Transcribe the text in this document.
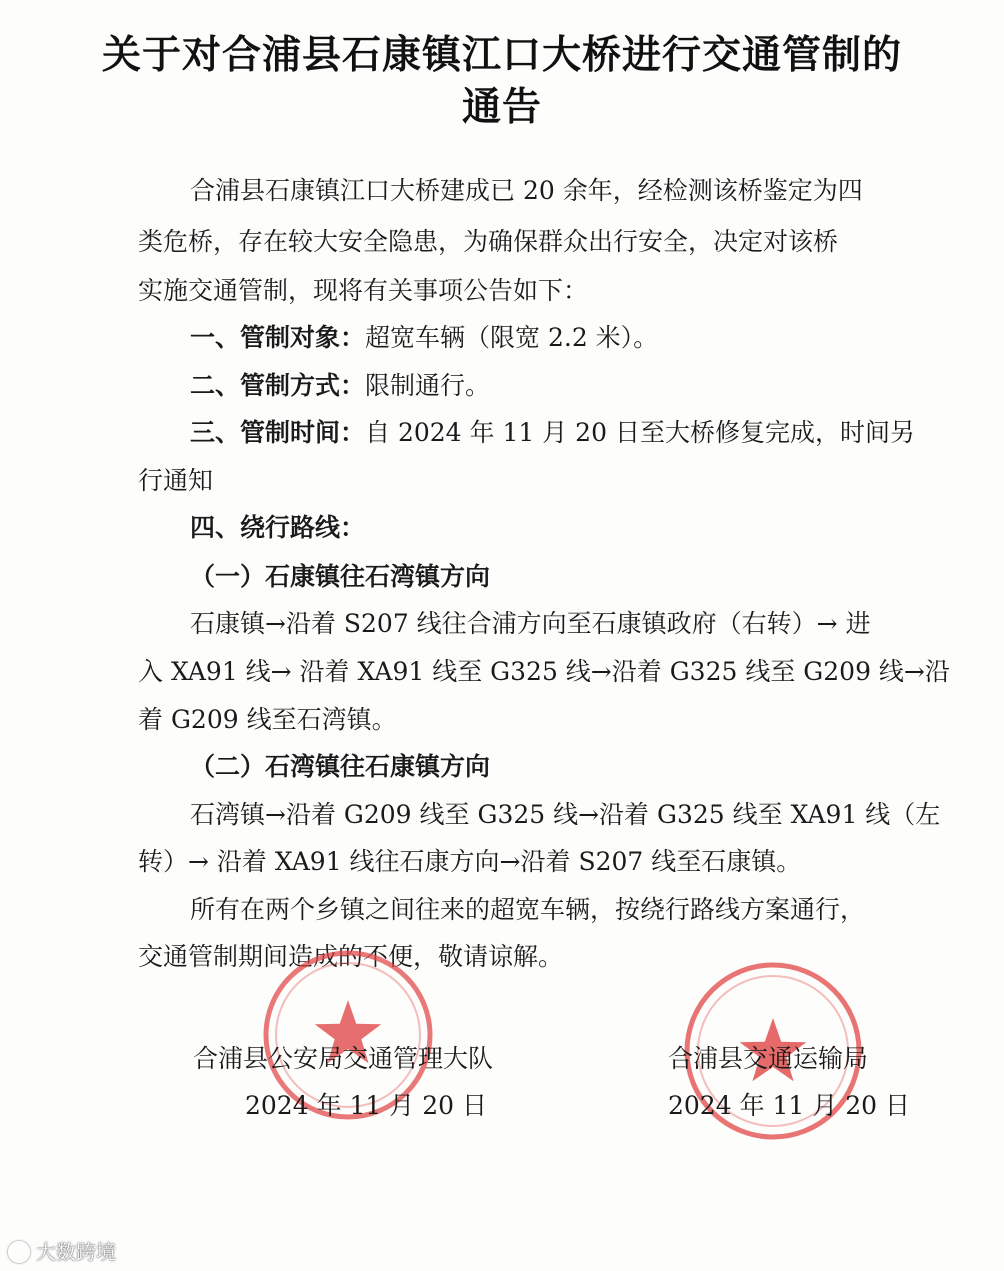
关于对合浦县石康镇江口大桥进行交通管制的
通告
合浦县石康镇江口大桥建成已 20 余年，经检测该桥鉴定为四
类危桥，存在较大安全隐患，为确保群众出行安全，决定对该桥
实施交通管制，现将有关事项公告如下：
一、管制对象：超宽车辆（限宽 2.2 米）。
二、管制方式：限制通行。
三、管制时间：自 2024 年 11 月 20 日至大桥修复完成，时间另
行通知
四、绕行路线：
（一）石康镇往石湾镇方向
石康镇→沿着 S207 线往合浦方向至石康镇政府（右转）→ 进
入 XA91 线→ 沿着 XA91 线至 G325 线→沿着 G325 线至 G209 线→沿
着 G209 线至石湾镇。
（二）石湾镇往石康镇方向
石湾镇→沿着 G209 线至 G325 线→沿着 G325 线至 XA91 线（左
转）→ 沿着 XA91 线往石康方向→沿着 S207 线至石康镇。
所有在两个乡镇之间往来的超宽车辆，按绕行路线方案通行，
交通管制期间造成的不便，敬请谅解。
合浦县公安局交通管理大队
2024 年 11 月 20 日
合浦县交通运输局
2024 年 11 月 20 日
大数跨境
